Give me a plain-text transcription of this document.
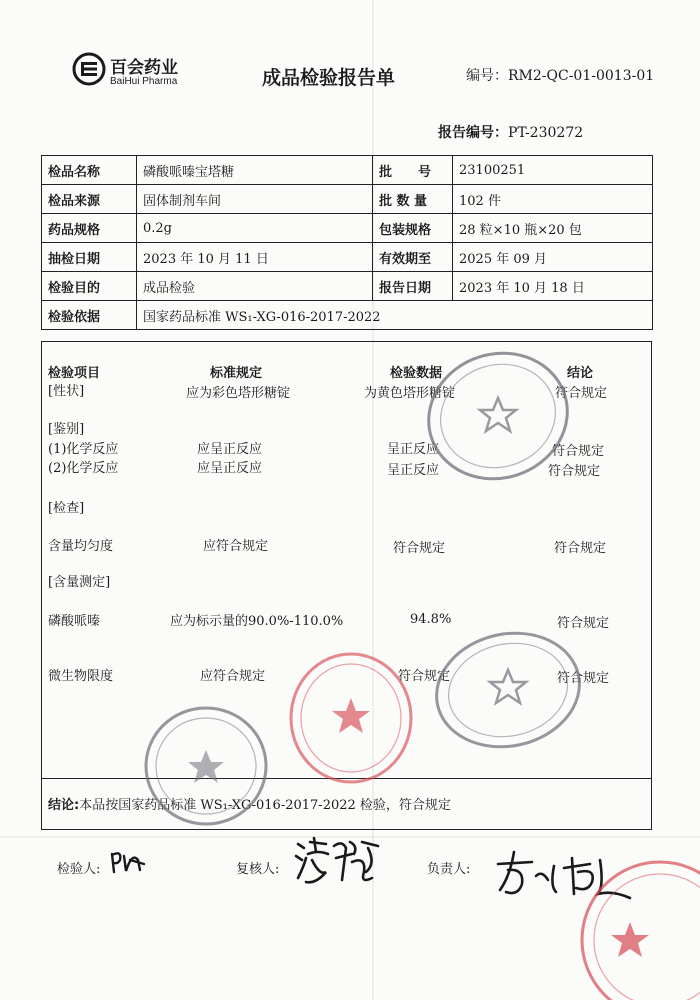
百会药业
BaiHui Pharma	成品检验报告单	编号：RM2-QC-01-0013-01
报告编号：PT-230272
检品名称	磷酸哌嗪宝塔糖	批　　号	23100251
检品来源	固体制剂车间	批 数 量	102 件
药品规格	0.2g	包装规格	28 粒×10 瓶×20 包
抽检日期	2023 年 10 月 11 日	有效期至	2025 年 09 月
检验目的	成品检验	报告日期	2023 年 10 月 18 日
检验依据	国家药品标准 WS₁-XG-016-2017-2022		
检验项目	标准规定	检验数据	结论
[性状]	应为彩色塔形糖锭	为黄色塔形糖锭	符合规定
[鉴别]
(1)化学反应	应呈正反应	呈正反应	符合规定
(2)化学反应	应呈正反应	呈正反应	符合规定
[检查]
含量均匀度	应符合规定	符合规定	符合规定
[含量测定]
磷酸哌嗪	应为标示量的90.0%-110.0%	94.8%	符合规定
微生物限度	应符合规定	符合规定	符合规定
结论:本品按国家药品标准 WS₁-XG-016-2017-2022 检验，符合规定
检验人:	复核人:	负责人:
